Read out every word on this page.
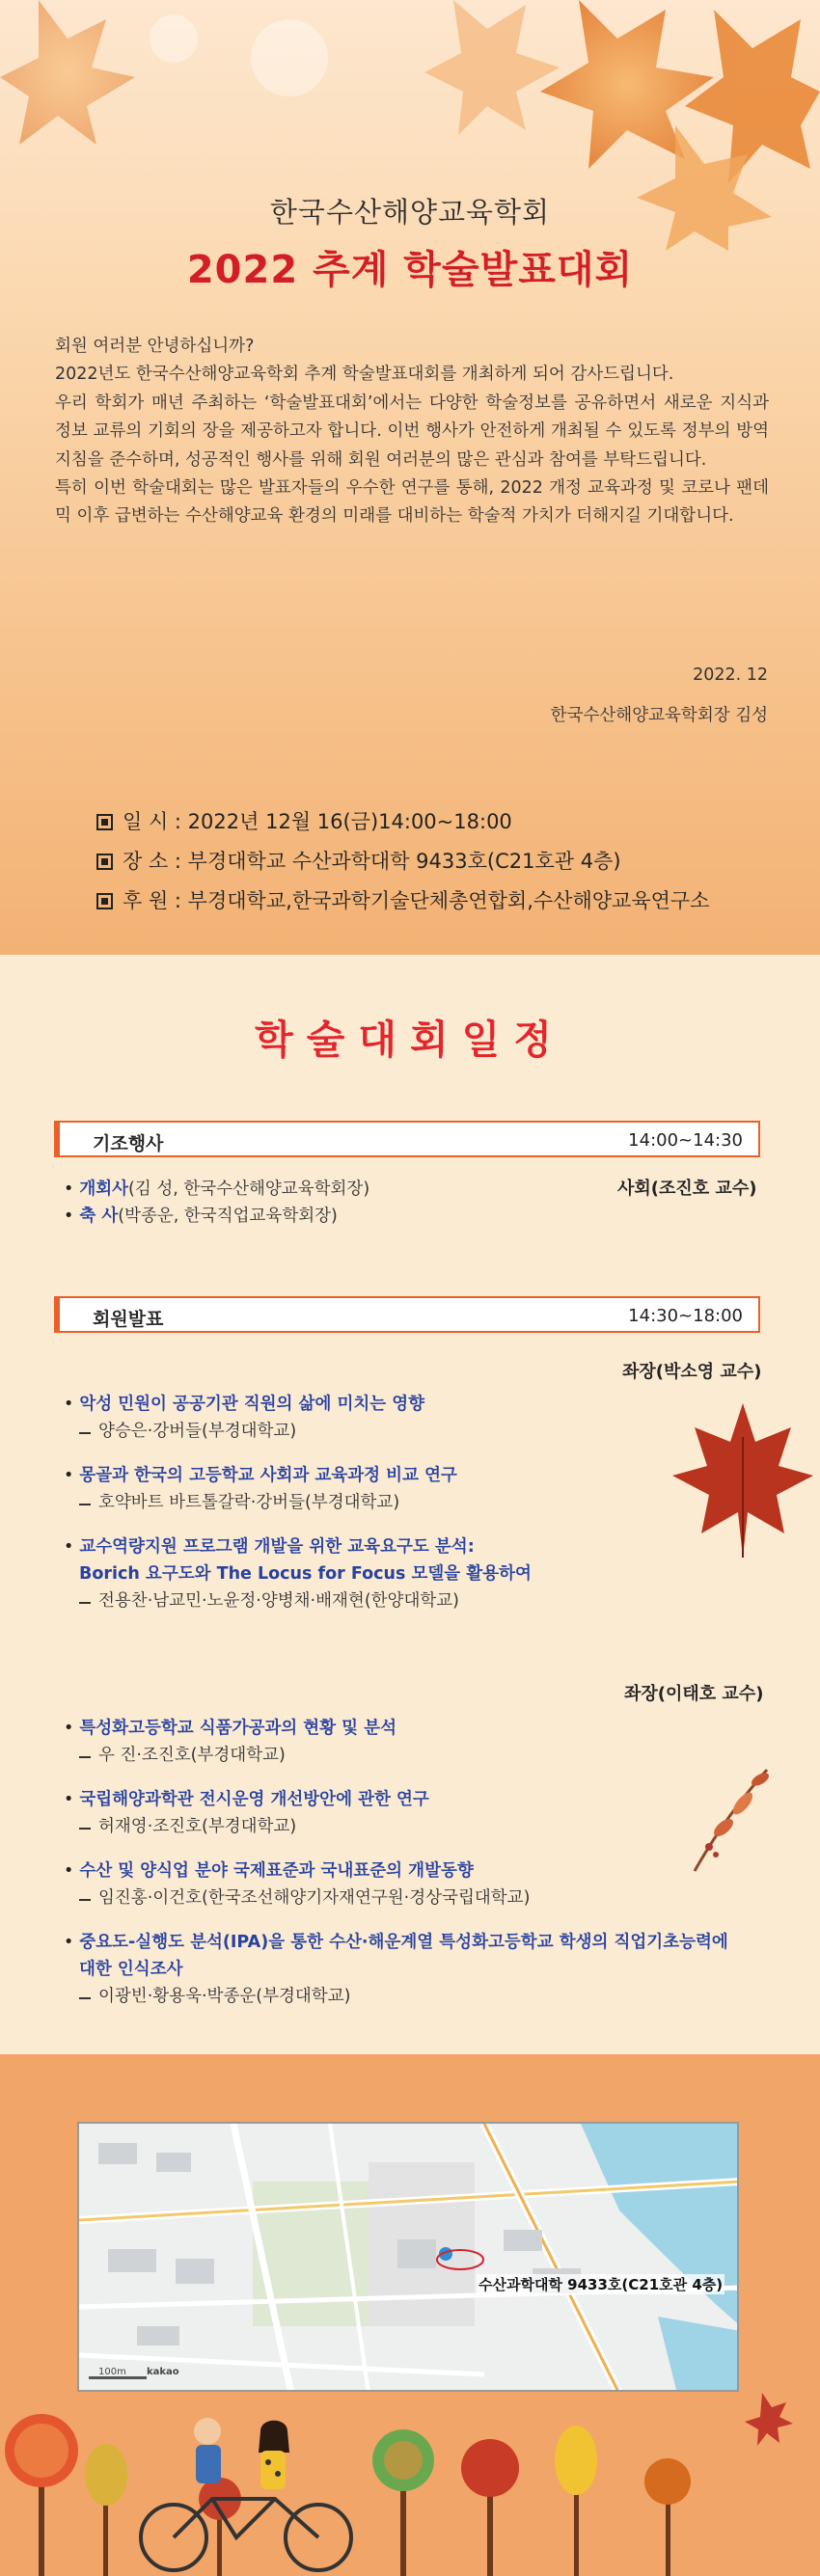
한국수산해양교육학회
2022 추계 학술발표대회

회원 여러분 안녕하십니까?

2022년도 한국수산해양교육학회 추계 학술발표대회를 개최하게 되어 감사드립니다.

우리 학회가 매년 주최하는 ‘학술발표대회’에서는 다양한 학술정보를 공유하면서 새로운 지식과 정보 교류의 기회의 장을 제공하고자 합니다. 이번 행사가 안전하게 개최될 수 있도록 정부의 방역 지침을 준수하며, 성공적인 행사를 위해 회원 여러분의 많은 관심과 참여를 부탁드립니다.

특히 이번 학술대회는 많은 발표자들의 우수한 연구를 통해, 2022 개정 교육과정 및 코로나 팬데믹 이후 급변하는 수산해양교육 환경의 미래를 대비하는 학술적 가치가 더해지길 기대합니다.

2022. 12
한국수산해양교육학회장 김성
일 시 : 2022년 12월 16(금)14:00~18:00
장 소 : 부경대학교 수산과학대학 9433호(C21호관 4층)
후 원 : 부경대학교,한국과학기술단체총연합회,수산해양교육연구소
학술대회일정
기조행사	14:00~14:30
사회(조진호 교수)
• 개회사(김 성, 한국수산해양교육학회장)
• 축 사(박종운, 한국직업교육학회장)
회원발표	14:30~18:00
좌장(박소영 교수)
• 악성 민원이 공공기관 직원의 삶에 미치는 영향
양승은·강버들(부경대학교)
• 몽골과 한국의 고등학교 사회과 교육과정 비교 연구
호약바트 바트톨갈락·강버들(부경대학교)
• 교수역량지원 프로그램 개발을 위한 교육요구도 분석:
Borich 요구도와 The Locus for Focus 모델을 활용하여
전용찬·남교민·노윤정·양병채·배재현(한양대학교)
좌장(이태호 교수)
• 특성화고등학교 식품가공과의 현황 및 분석
우 진·조진호(부경대학교)
• 국립해양과학관 전시운영 개선방안에 관한 연구
허재영·조진호(부경대학교)
• 수산 및 양식업 분야 국제표준과 국내표준의 개발동향
임진홍·이건호(한국조선해양기자재연구원·경상국립대학교)
• 중요도-실행도 분석(IPA)을 통한 수산·해운계열 특성화고등학교 학생의 직업기초능력에
대한 인식조사
이광빈·황용욱·박종운(부경대학교)
수산과학대학 9433호(C21호관 4층)
100m kakao
